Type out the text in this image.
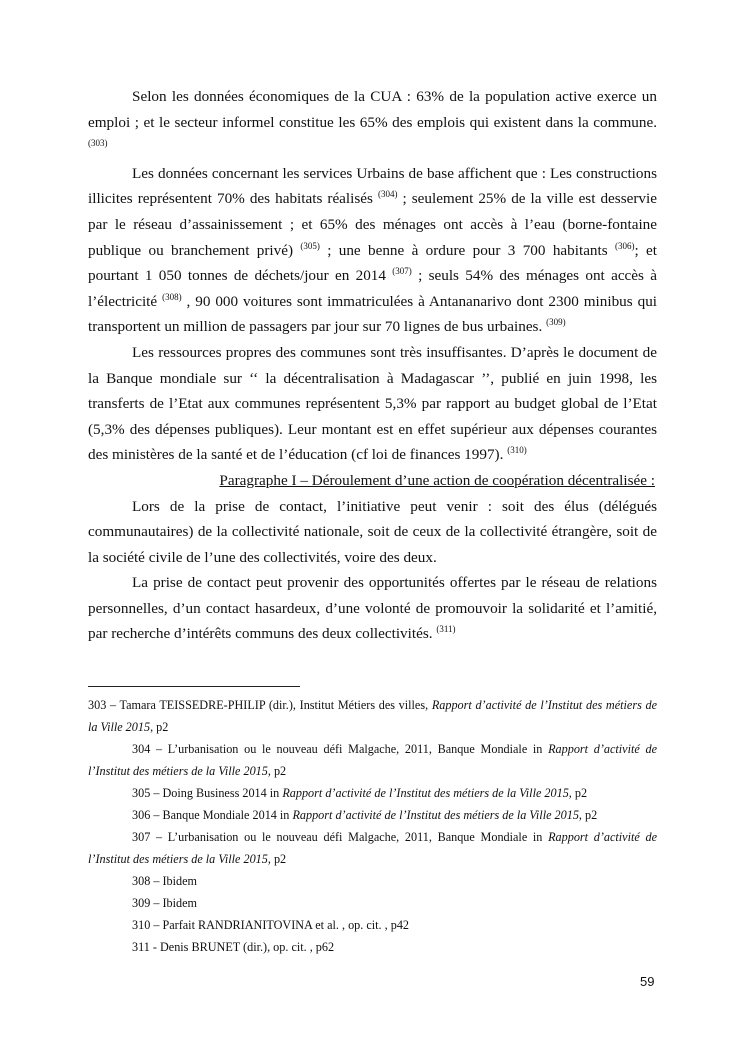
Selon les données économiques de la CUA : 63% de la population active exerce un emploi ; et le secteur informel constitue les 65% des emplois qui existent dans la commune.$^{(303)}$

Les données concernant les services Urbains de base affichent que : Les constructions illicites représentent 70% des habitats réalisés $^{(304)}$ ; seulement 25% de la ville est desservie par le réseau d’assainissement ; et 65% des ménages ont accès à l’eau (borne-fontaine publique ou branchement privé) $^{(305)}$ ; une benne à ordure pour 3 700 habitants $^{(306)}$; et pourtant 1 050 tonnes de déchets/jour en 2014 $^{(307)}$ ; seuls 54% des ménages ont accès à l’électricité $^{(308)}$ , 90 000 voitures sont immatriculées à Antananarivo dont 2300 minibus qui transportent un million de passagers par jour sur 70 lignes de bus urbaines. $^{(309)}$

Les ressources propres des communes sont très insuffisantes. D’après le document de la Banque mondiale sur ‘‘ la décentralisation à Madagascar ’’, publié en juin 1998, les transferts de l’Etat aux communes représentent 5,3% par rapport au budget global de l’Etat (5,3% des dépenses publiques). Leur montant est en effet supérieur aux dépenses courantes des ministères de la santé et de l’éducation (cf loi de finances 1997). $^{(310)}$

Paragraphe I – Déroulement d’une action de coopération décentralisée :

Lors de la prise de contact, l’initiative peut venir : soit des élus (délégués communautaires) de la collectivité nationale, soit de ceux de la collectivité étrangère, soit de la société civile de l’une des collectivités, voire des deux.

La prise de contact peut provenir des opportunités offertes par le réseau de relations personnelles, d’un contact hasardeux, d’une volonté de promouvoir la solidarité et l’amitié, par recherche d’intérêts communs des deux collectivités. $^{(311)}$

303 – Tamara TEISSEDRE-PHILIP (dir.), Institut Métiers des villes, Rapport d’activité de l’Institut des métiers de la Ville 2015, p2

304 – L’urbanisation ou le nouveau défi Malgache, 2011, Banque Mondiale in Rapport d’activité de l’Institut des métiers de la Ville 2015, p2

305 – Doing Business 2014 in Rapport d’activité de l’Institut des métiers de la Ville 2015, p2

306 – Banque Mondiale 2014 in Rapport d’activité de l’Institut des métiers de la Ville 2015, p2

307 – L’urbanisation ou le nouveau défi Malgache, 2011, Banque Mondiale in Rapport d’activité de l’Institut des métiers de la Ville 2015, p2

308 – Ibidem

309 – Ibidem

310 – Parfait RANDRIANITOVINA et al. , op. cit. , p42

311 - Denis BRUNET (dir.), op. cit. , p62

59
